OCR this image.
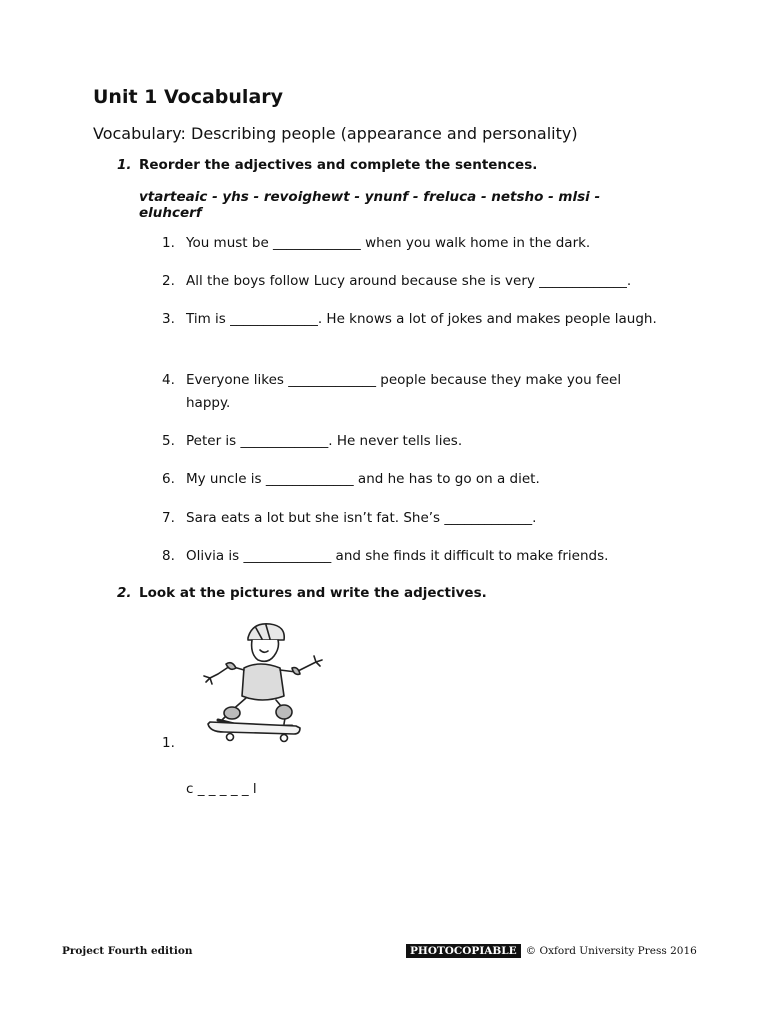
Unit 1 Vocabulary
Vocabulary: Describing people (appearance and personality)
1. Reorder the adjectives and complete the sentences.
vtarteaic - yhs - revoighewt - ynunf - freluca - netsho - mlsi - eluhcerf
1. You must be _____________ when you walk home in the dark.
2. All the boys follow Lucy around because she is very _____________.
3. Tim is _____________. He knows a lot of jokes and makes people laugh.
4. Everyone likes _____________ people because they make you feel happy.
5. Peter is _____________. He never tells lies.
6. My uncle is _____________ and he has to go on a diet.
7. Sara eats a lot but she isn’t fat. She’s _____________.
8. Olivia is _____________ and she finds it difficult to make friends.
2. Look at the pictures and write the adjectives.
1.
c _ _ _ _ _ l
Project Fourth edition	PHOTOCOPIABLE © Oxford University Press 2016
